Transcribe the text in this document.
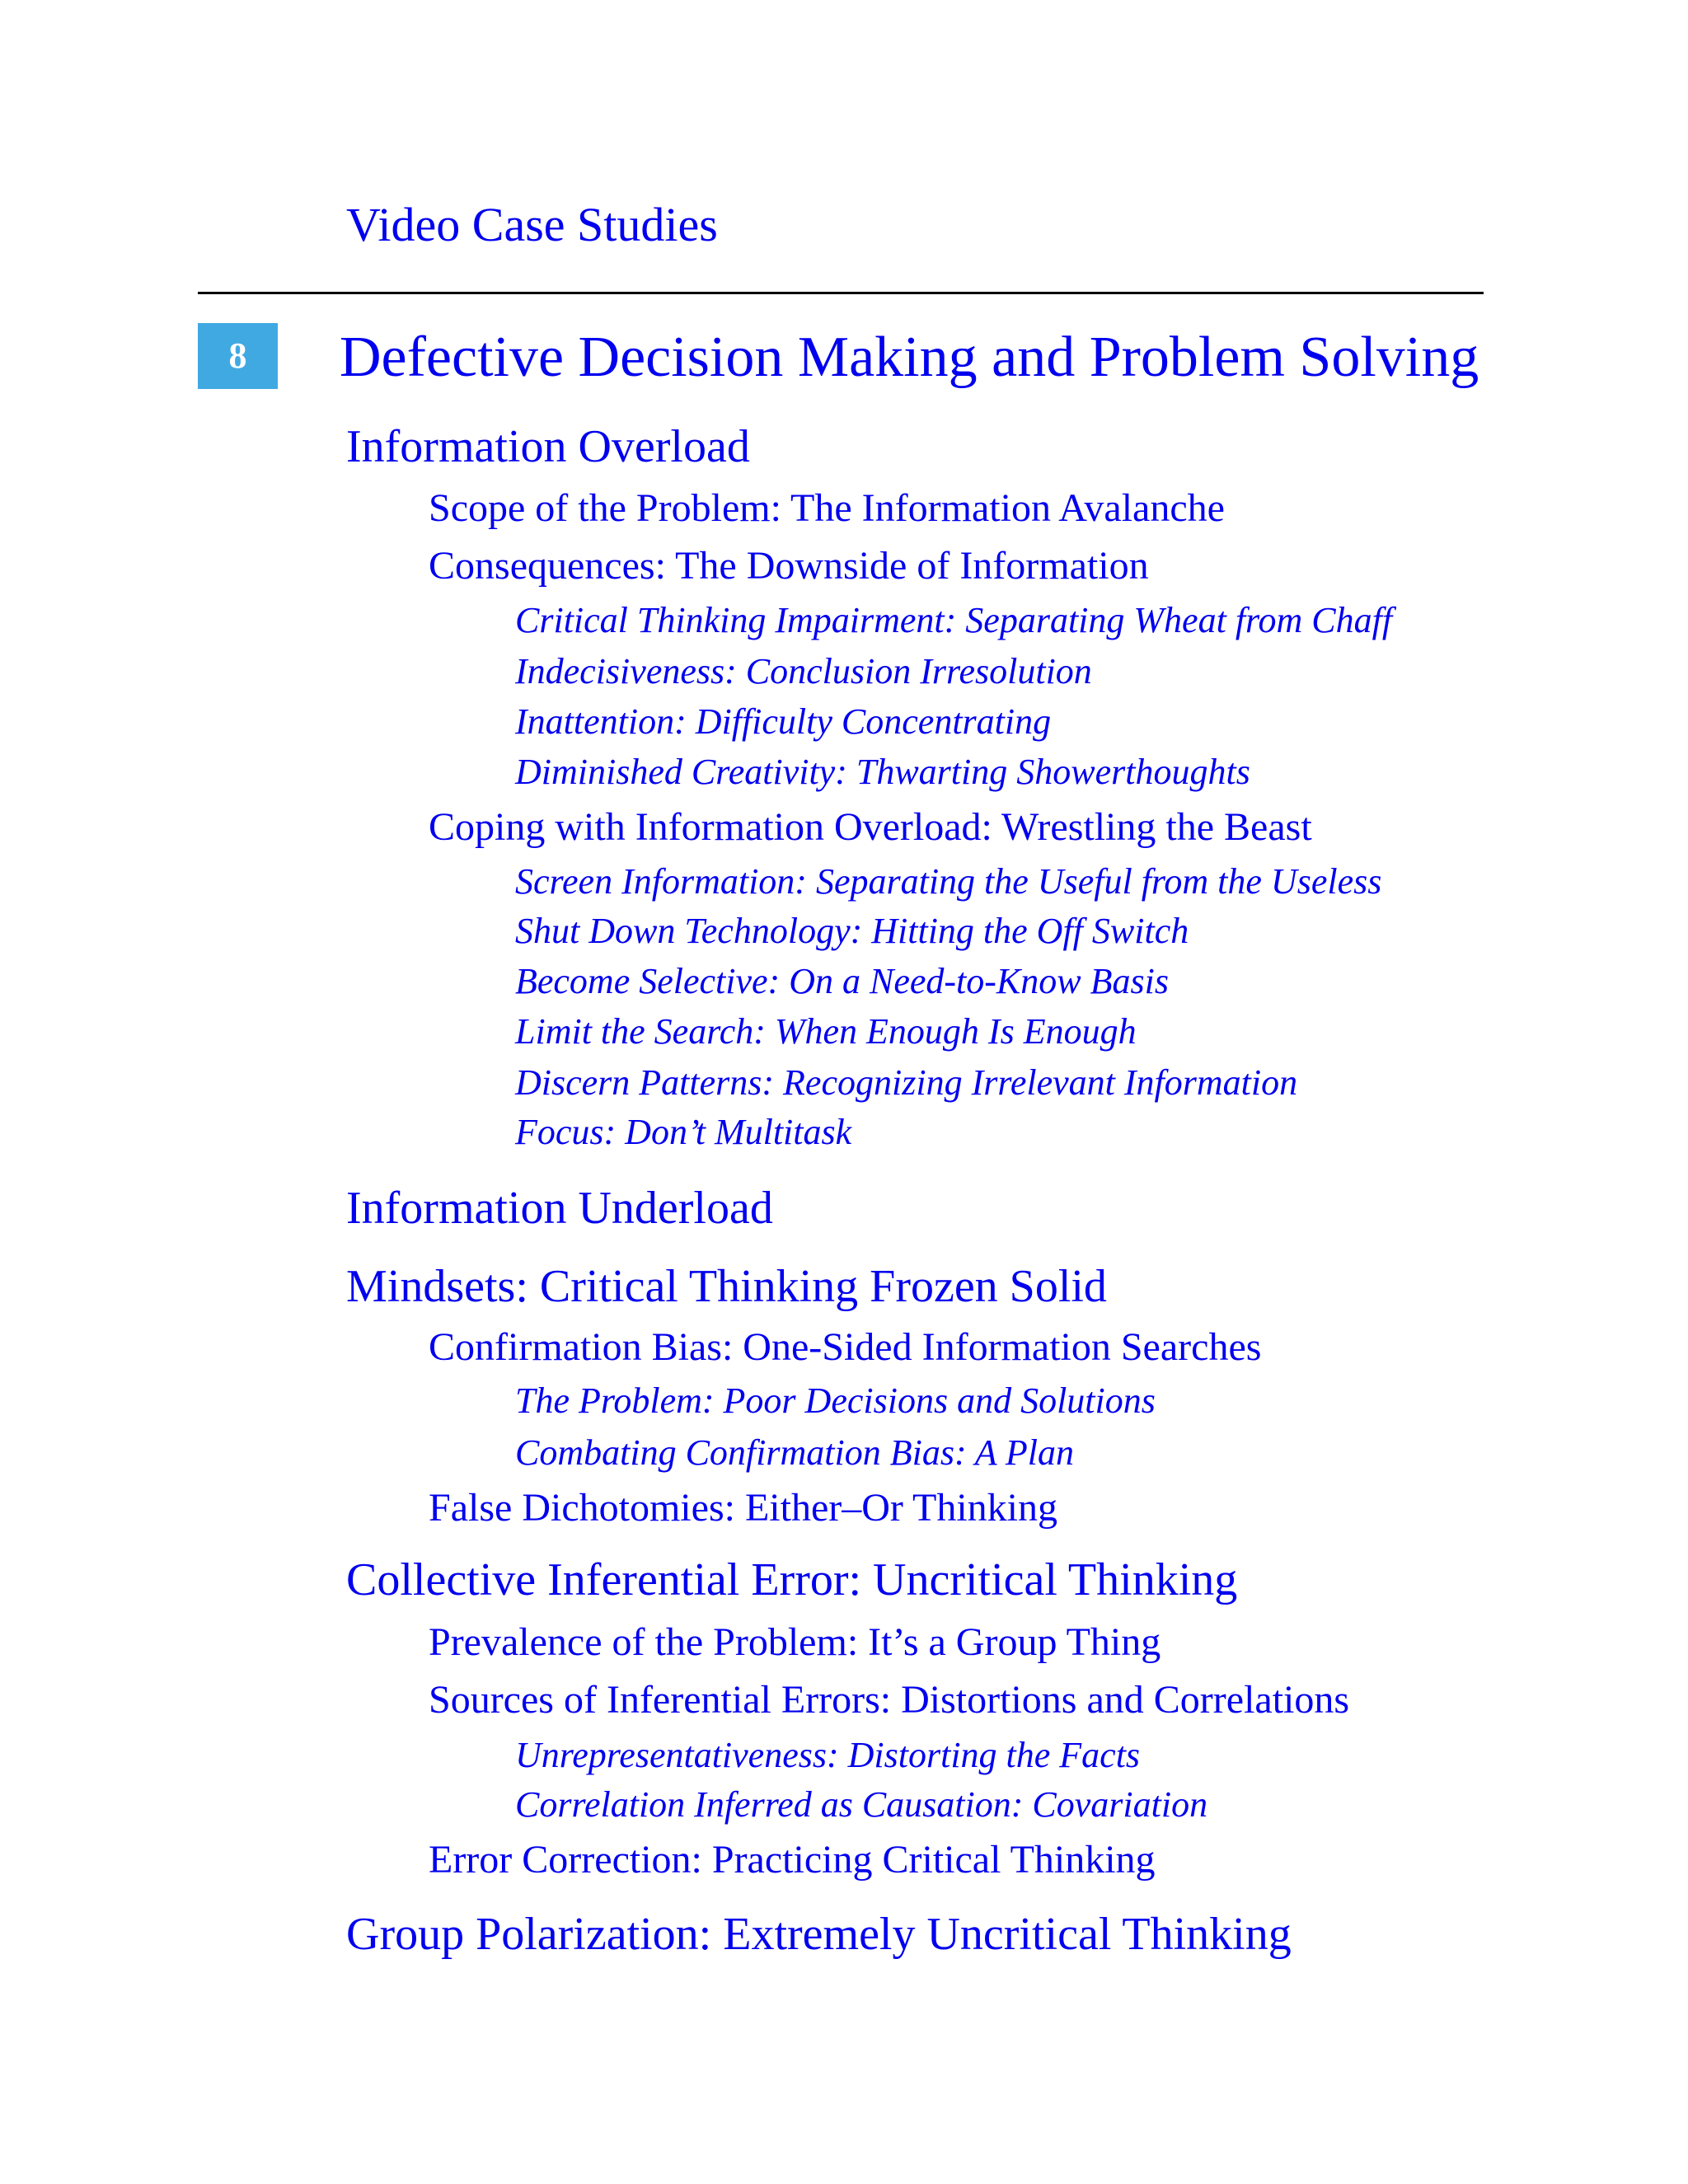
Video Case Studies
8	Defective Decision Making and Problem Solving
Information Overload
Scope of the Problem: The Information Avalanche
Consequences: The Downside of Information
Critical Thinking Impairment: Separating Wheat from Chaff
Indecisiveness: Conclusion Irresolution
Inattention: Difficulty Concentrating
Diminished Creativity: Thwarting Showerthoughts
Coping with Information Overload: Wrestling the Beast
Screen Information: Separating the Useful from the Useless
Shut Down Technology: Hitting the Off Switch
Become Selective: On a Need-to-Know Basis
Limit the Search: When Enough Is Enough
Discern Patterns: Recognizing Irrelevant Information
Focus: Don’t Multitask
Information Underload
Mindsets: Critical Thinking Frozen Solid
Confirmation Bias: One-Sided Information Searches
The Problem: Poor Decisions and Solutions
Combating Confirmation Bias: A Plan
False Dichotomies: Either–Or Thinking
Collective Inferential Error: Uncritical Thinking
Prevalence of the Problem: It’s a Group Thing
Sources of Inferential Errors: Distortions and Correlations
Unrepresentativeness: Distorting the Facts
Correlation Inferred as Causation: Covariation
Error Correction: Practicing Critical Thinking
Group Polarization: Extremely Uncritical Thinking
